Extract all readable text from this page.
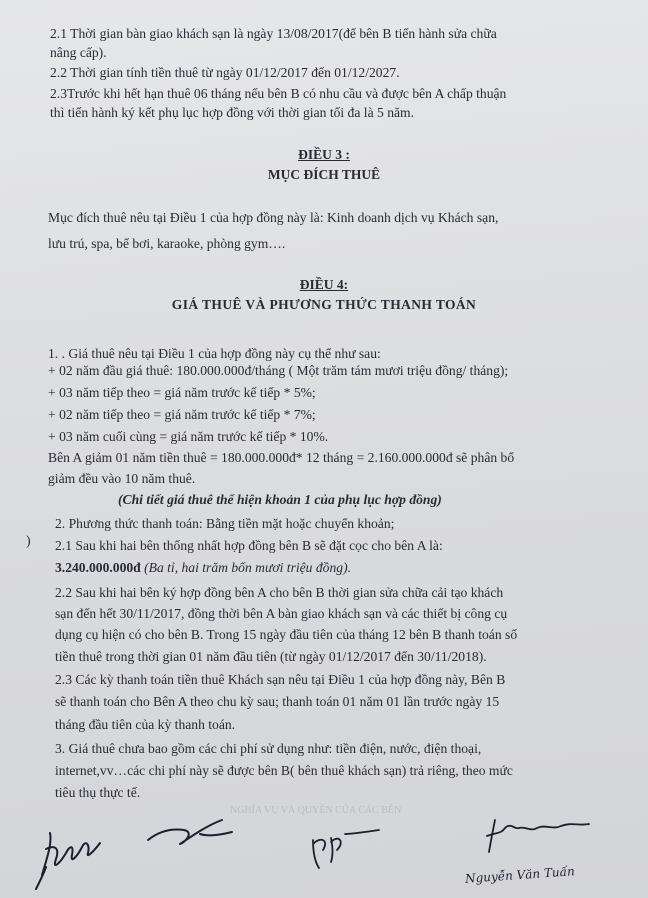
2.1 Thời gian bàn giao khách sạn là ngày 13/08/2017(để bên B tiến hành sửa chữa
nâng cấp).
2.2 Thời gian tính tiền thuê từ ngày 01/12/2017 đến 01/12/2027.
2.3Trước khi hết hạn thuê 06 tháng nếu bên B có nhu cầu và được bên A chấp thuận
thì tiến hành ký kết phụ lục hợp đồng với thời gian tối đa là 5 năm.
ĐIỀU 3 :
MỤC ĐÍCH THUÊ
Mục đích thuê nêu tại Điều 1 của hợp đồng này là: Kinh doanh dịch vụ Khách sạn,
lưu trú, spa, bể bơi, karaoke, phòng gym….
ĐIỀU 4:
GIÁ THUÊ VÀ PHƯƠNG THỨC THANH TOÁN
1. . Giá thuê nêu tại Điều 1 của hợp đồng này cụ thể như sau:
+ 02 năm đầu giá thuê: 180.000.000đ/tháng ( Một trăm tám mươi triệu đồng/ tháng);
+ 03 năm tiếp theo = giá năm trước kế tiếp * 5%;
+ 02 năm tiếp theo = giá năm trước kế tiếp * 7%;
+ 03 năm cuối cùng = giá năm trước kế tiếp * 10%.
Bên A giảm 01 năm tiền thuê = 180.000.000đ* 12 tháng = 2.160.000.000đ sẽ phân bổ
giảm đều vào 10 năm thuê.
(Chi tiết giá thuê thể hiện khoản 1 của phụ lục hợp đồng)
2. Phương thức thanh toán: Bằng tiền mặt hoặc chuyển khoản;
) 2.1 Sau khi hai bên thống nhất hợp đồng bên B sẽ đặt cọc cho bên A là:
3.240.000.000đ (Ba tỉ, hai trăm bốn mươi triệu đồng).
2.2 Sau khi hai bên ký hợp đồng bên A cho bên B thời gian sửa chữa cải tạo khách
sạn đến hết 30/11/2017, đồng thời bên A bàn giao khách sạn và các thiết bị công cụ
dụng cụ hiện có cho bên B. Trong 15 ngày đầu tiên của tháng 12 bên B thanh toán số
tiền thuê trong thời gian 01 năm đầu tiên (từ ngày 01/12/2017 đến 30/11/2018).
2.3 Các kỳ thanh toán tiền thuê Khách sạn nêu tại Điều 1 của hợp đồng này, Bên B
sẽ thanh toán cho Bên A theo chu kỳ sau; thanh toán 01 năm 01 lần trước ngày 15
tháng đầu tiên của kỳ thanh toán.
3. Giá thuê chưa bao gồm các chi phí sử dụng như: tiền điện, nước, điện thoại,
internet,vv…các chi phí này sẽ được bên B( bên thuê khách sạn) trả riêng, theo mức
tiêu thụ thực tế.
NGHĨA VỤ VÀ QUYỀN CỦA CÁC BÊN
Nguyễn Văn Tuấn
